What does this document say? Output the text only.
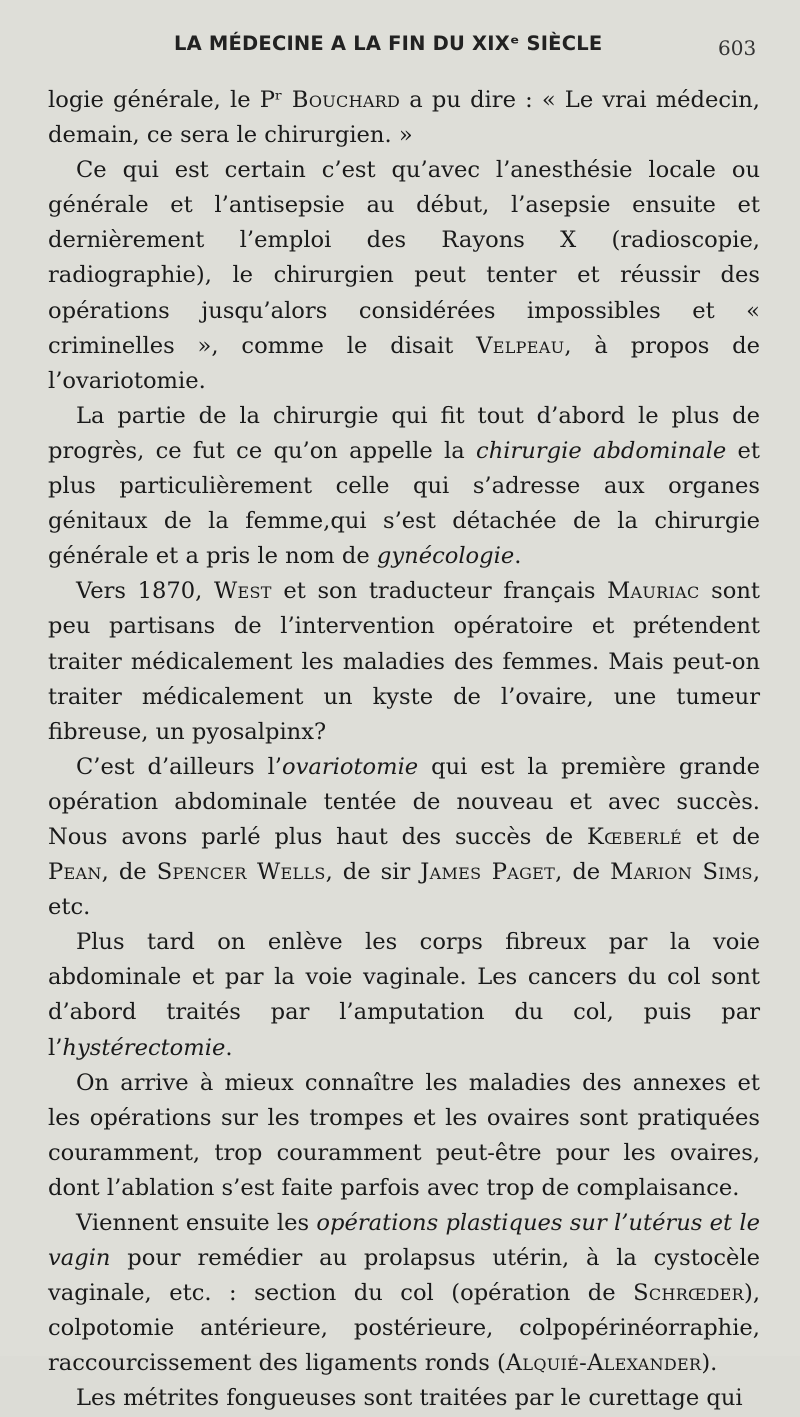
LA MÉDECINE A LA FIN DU XIXᵉ SIÈCLE	603

logie générale, le Pʳ Bouchard a pu dire : « Le vrai médecin, demain, ce sera le chirurgien. »

Ce qui est certain c’est qu’avec l’anesthésie locale ou générale et l’antisepsie au début, l’asepsie ensuite et dernièrement l’emploi des Rayons X (radioscopie, radiographie), le chirurgien peut tenter et réussir des opérations jusqu’alors considérées impossibles et « criminelles », comme le disait Velpeau, à propos de l’ovariotomie.

La partie de la chirurgie qui fit tout d’abord le plus de progrès, ce fut ce qu’on appelle la chirurgie abdominale et plus particulièrement celle qui s’adresse aux organes génitaux de la femme,qui s’est détachée de la chirurgie générale et a pris le nom de gynécologie.

Vers 1870, West et son traducteur français Mauriac sont peu partisans de l’intervention opératoire et prétendent traiter médicalement les maladies des femmes. Mais peut-on traiter médicalement un kyste de l’ovaire, une tumeur fibreuse, un pyosalpinx?

C’est d’ailleurs l’ovariotomie qui est la première grande opération abdominale tentée de nouveau et avec succès. Nous avons parlé plus haut des succès de Kœberlé et de Pean, de Spencer Wells, de sir James Paget, de Marion Sims, etc.

Plus tard on enlève les corps fibreux par la voie abdominale et par la voie vaginale. Les cancers du col sont d’abord traités par l’amputation du col, puis par l’hystérectomie.

On arrive à mieux connaître les maladies des annexes et les opérations sur les trompes et les ovaires sont pratiquées couramment, trop couramment peut-être pour les ovaires, dont l’ablation s’est faite parfois avec trop de complaisance.

Viennent ensuite les opérations plastiques sur l’utérus et le vagin pour remédier au prolapsus utérin, à la cystocèle vaginale, etc. : section du col (opération de Schrœder), colpotomie antérieure, postérieure, colpopérinéorraphie, raccourcissement des ligaments ronds (Alquié-Alexander).

Les métrites fongueuses sont traitées par le curettage qui
